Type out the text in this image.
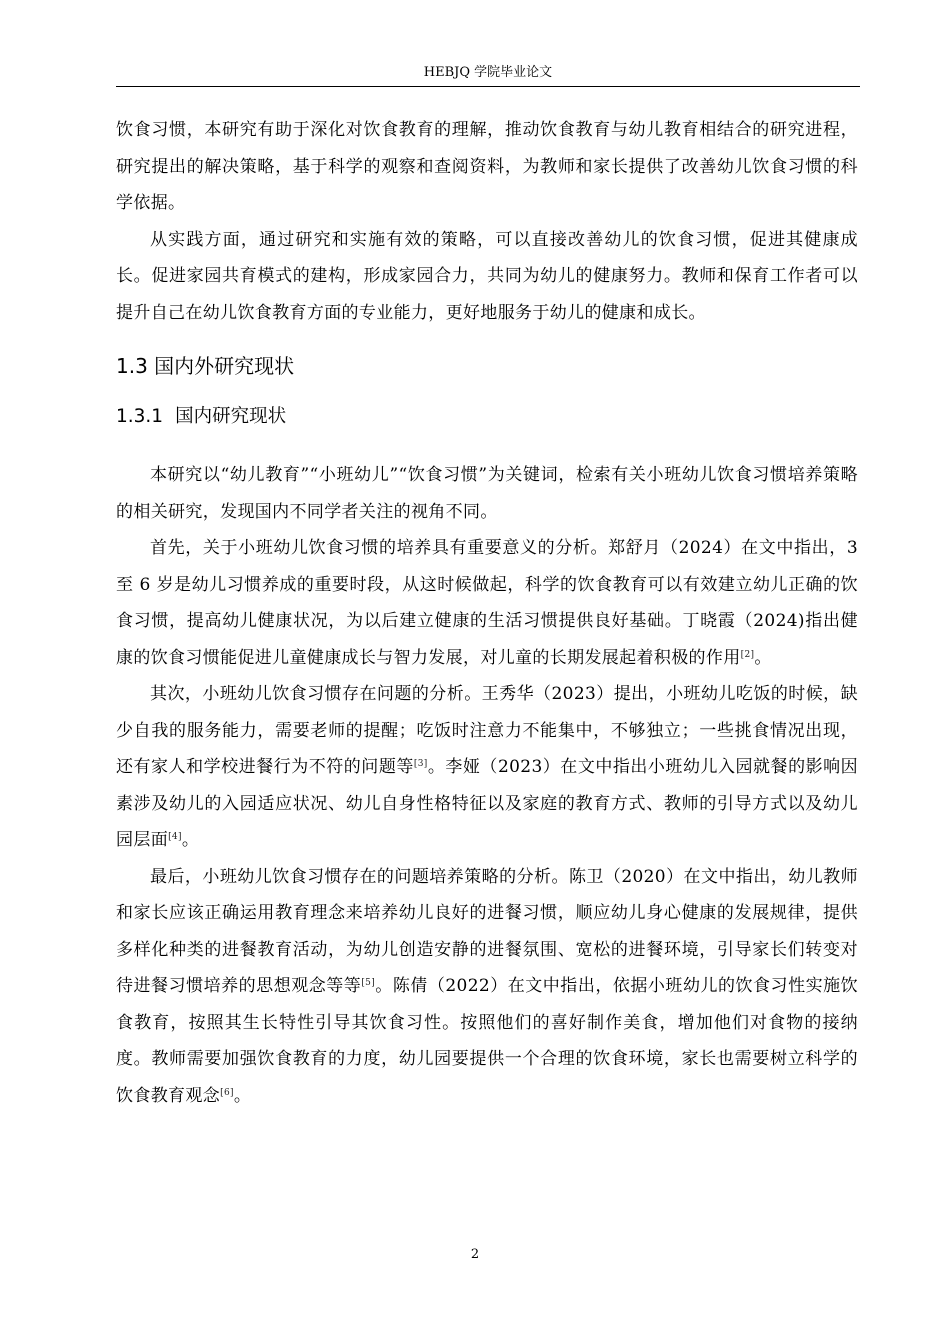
HEBJQ 学院毕业论文

饮食习惯，本研究有助于深化对饮食教育的理解，推动饮食教育与幼儿教育相结合的研究进程，研究提出的解决策略，基于科学的观察和查阅资料，为教师和家长提供了改善幼儿饮食习惯的科学依据。

从实践方面，通过研究和实施有效的策略，可以直接改善幼儿的饮食习惯，促进其健康成长。促进家园共育模式的建构，形成家园合力，共同为幼儿的健康努力。教师和保育工作者可以提升自己在幼儿饮食教育方面的专业能力，更好地服务于幼儿的健康和成长。

1.3 国内外研究现状
1.3.1 国内研究现状

本研究以“幼儿教育”“小班幼儿”“饮食习惯”为关键词，检索有关小班幼儿饮食习惯培养策略的相关研究，发现国内不同学者关注的视角不同。

首先，关于小班幼儿饮食习惯的培养具有重要意义的分析。郑舒月（2024）在文中指出，3 至 6 岁是幼儿习惯养成的重要时段，从这时候做起，科学的饮食教育可以有效建立幼儿正确的饮食习惯，提高幼儿健康状况，为以后建立健康的生活习惯提供良好基础。丁晓霞（2024)指出健康的饮食习惯能促进儿童健康成长与智力发展，对儿童的长期发展起着积极的作用[2]。

其次，小班幼儿饮食习惯存在问题的分析。王秀华（2023）提出，小班幼儿吃饭的时候，缺少自我的服务能力，需要老师的提醒；吃饭时注意力不能集中，不够独立；一些挑食情况出现，还有家人和学校进餐行为不符的问题等[3]。李娅（2023）在文中指出小班幼儿入园就餐的影响因素涉及幼儿的入园适应状况、幼儿自身性格特征以及家庭的教育方式、教师的引导方式以及幼儿园层面[4]。

最后，小班幼儿饮食习惯存在的问题培养策略的分析。陈卫（2020）在文中指出，幼儿教师和家长应该正确运用教育理念来培养幼儿良好的进餐习惯，顺应幼儿身心健康的发展规律，提供多样化种类的进餐教育活动，为幼儿创造安静的进餐氛围、宽松的进餐环境，引导家长们转变对待进餐习惯培养的思想观念等等[5]。陈倩（2022）在文中指出，依据小班幼儿的饮食习性实施饮食教育，按照其生长特性引导其饮食习性。按照他们的喜好制作美食，增加他们对食物的接纳度。教师需要加强饮食教育的力度，幼儿园要提供一个合理的饮食环境，家长也需要树立科学的饮食教育观念[6]。

2
